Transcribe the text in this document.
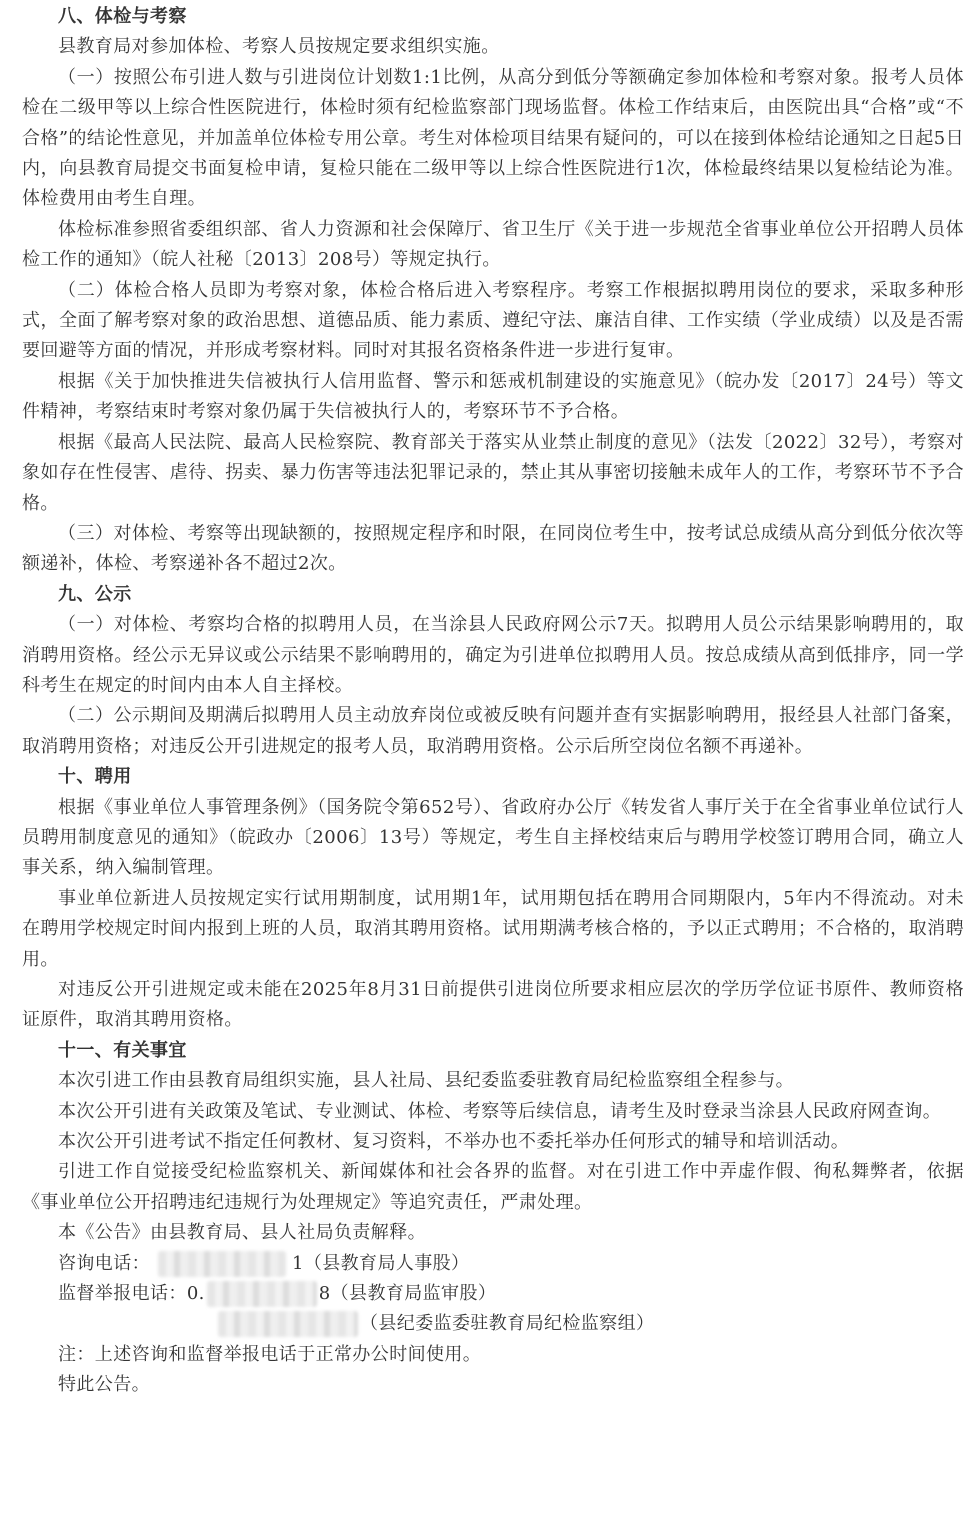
八、体检与考察

县教育局对参加体检、考察人员按规定要求组织实施。

（一）按照公布引进人数与引进岗位计划数1:1比例，从高分到低分等额确定参加体检和考察对象。报考人员体检在二级甲等以上综合性医院进行，体检时须有纪检监察部门现场监督。体检工作结束后，由医院出具“合格”或“不合格”的结论性意见，并加盖单位体检专用公章。考生对体检项目结果有疑问的，可以在接到体检结论通知之日起5日内，向县教育局提交书面复检申请，复检只能在二级甲等以上综合性医院进行1次，体检最终结果以复检结论为准。体检费用由考生自理。

体检标准参照省委组织部、省人力资源和社会保障厅、省卫生厅《关于进一步规范全省事业单位公开招聘人员体检工作的通知》（皖人社秘〔2013〕208号）等规定执行。

（二）体检合格人员即为考察对象，体检合格后进入考察程序。考察工作根据拟聘用岗位的要求，采取多种形式，全面了解考察对象的政治思想、道德品质、能力素质、遵纪守法、廉洁自律、工作实绩（学业成绩）以及是否需要回避等方面的情况，并形成考察材料。同时对其报名资格条件进一步进行复审。

根据《关于加快推进失信被执行人信用监督、警示和惩戒机制建设的实施意见》（皖办发〔2017〕24号）等文件精神，考察结束时考察对象仍属于失信被执行人的，考察环节不予合格。

根据《最高人民法院、最高人民检察院、教育部关于落实从业禁止制度的意见》（法发〔2022〕32号），考察对象如存在性侵害、虐待、拐卖、暴力伤害等违法犯罪记录的，禁止其从事密切接触未成年人的工作，考察环节不予合格。

（三）对体检、考察等出现缺额的，按照规定程序和时限，在同岗位考生中，按考试总成绩从高分到低分依次等额递补，体检、考察递补各不超过2次。

九、公示

（一）对体检、考察均合格的拟聘用人员，在当涂县人民政府网公示7天。拟聘用人员公示结果影响聘用的，取消聘用资格。经公示无异议或公示结果不影响聘用的，确定为引进单位拟聘用人员。按总成绩从高到低排序，同一学科考生在规定的时间内由本人自主择校。

（二）公示期间及期满后拟聘用人员主动放弃岗位或被反映有问题并查有实据影响聘用，报经县人社部门备案，取消聘用资格；对违反公开引进规定的报考人员，取消聘用资格。公示后所空岗位名额不再递补。

十、聘用

根据《事业单位人事管理条例》（国务院令第652号）、省政府办公厅《转发省人事厅关于在全省事业单位试行人员聘用制度意见的通知》（皖政办〔2006〕13号）等规定，考生自主择校结束后与聘用学校签订聘用合同，确立人事关系，纳入编制管理。

事业单位新进人员按规定实行试用期制度，试用期1年，试用期包括在聘用合同期限内，5年内不得流动。对未在聘用学校规定时间内报到上班的人员，取消其聘用资格。试用期满考核合格的，予以正式聘用；不合格的，取消聘用。

对违反公开引进规定或未能在2025年8月31日前提供引进岗位所要求相应层次的学历学位证书原件、教师资格证原件，取消其聘用资格。

十一、有关事宜

本次引进工作由县教育局组织实施，县人社局、县纪委监委驻教育局纪检监察组全程参与。

本次公开引进有关政策及笔试、专业测试、体检、考察等后续信息，请考生及时登录当涂县人民政府网查询。

本次公开引进考试不指定任何教材、复习资料，不举办也不委托举办任何形式的辅导和培训活动。

引进工作自觉接受纪检监察机关、新闻媒体和社会各界的监督。对在引进工作中弄虚作假、徇私舞弊者，依据《事业单位公开招聘违纪违规行为处理规定》等追究责任，严肃处理。

本《公告》由县教育局、县人社局负责解释。

咨询电话：	1（县教育局人事股）
监督举报电话：0.	8（县教育局监审股）
（县纪委监委驻教育局纪检监察组）

注：上述咨询和监督举报电话于正常办公时间使用。

特此公告。
